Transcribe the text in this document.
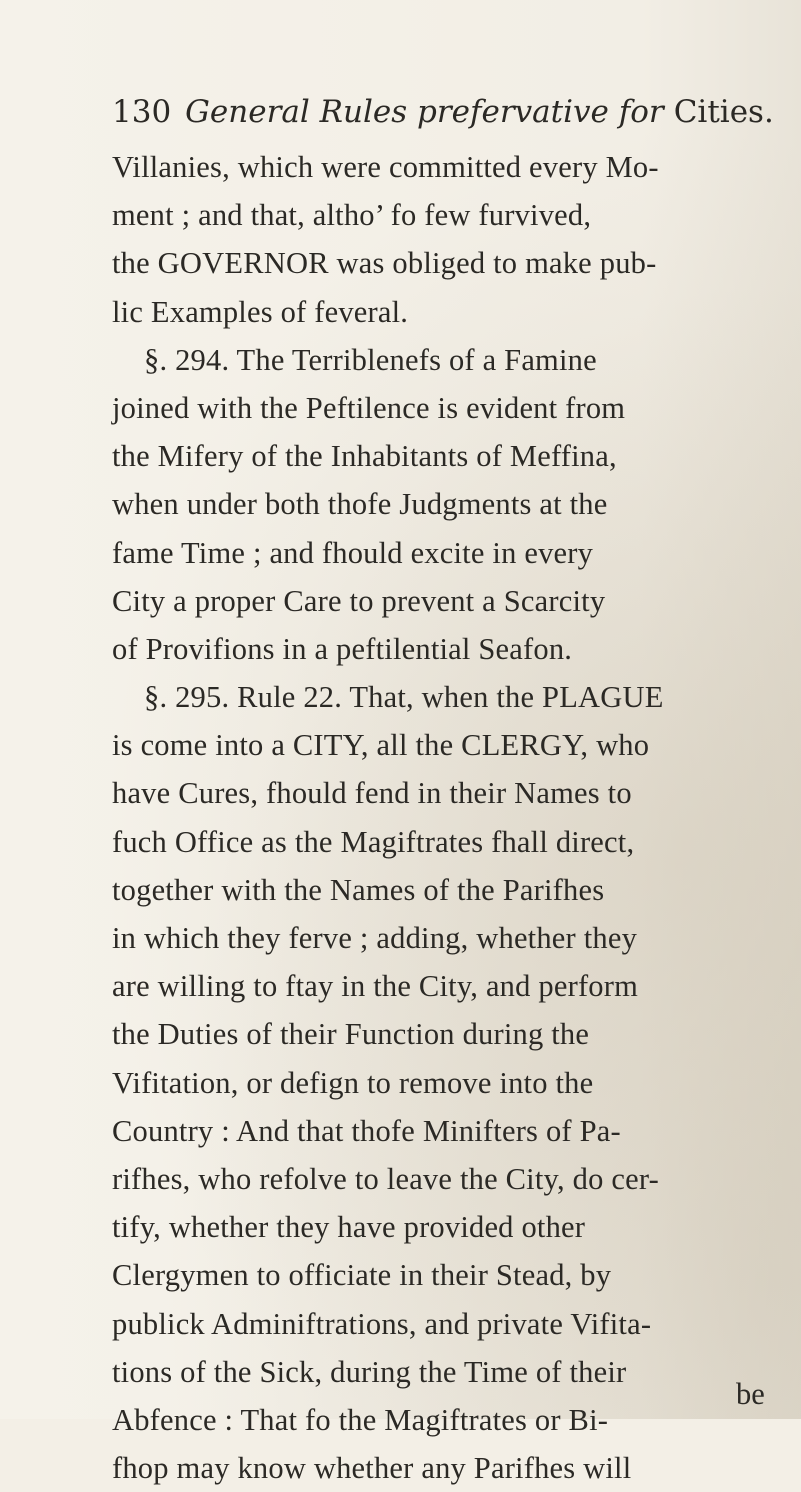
130 General Rules prefervative for Cities.
Villanies, which were committed every Mo-
ment ; and that, altho’ fo few furvived,
the GOVERNOR was obliged to make pub-
lic Examples of feveral.
§. 294. The Terriblenefs of a Famine
joined with the Peftilence is evident from
the Mifery of the Inhabitants of Meffina,
when under both thofe Judgments at the
fame Time ; and fhould excite in every
City a proper Care to prevent a Scarcity
of Provifions in a peftilential Seafon.
§. 295. Rule 22. That, when the PLAGUE
is come into a CITY, all the CLERGY, who
have Cures, fhould fend in their Names to
fuch Office as the Magiftrates fhall direct,
together with the Names of the Parifhes
in which they ferve ; adding, whether they
are willing to ftay in the City, and perform
the Duties of their Function during the
Vifitation, or defign to remove into the
Country : And that thofe Minifters of Pa-
rifhes, who refolve to leave the City, do cer-
tify, whether they have provided other
Clergymen to officiate in their Stead, by
publick Adminiftrations, and private Vifita-
tions of the Sick, during the Time of their
Abfence : That fo the Magiftrates or Bi-
fhop may know whether any Parifhes will
be
